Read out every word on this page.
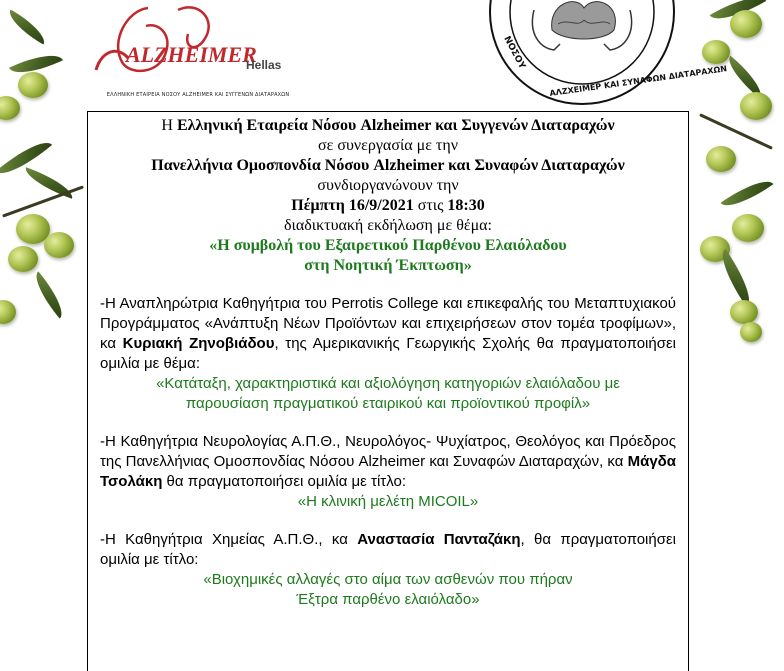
ALZHEIMER
Hellas
ΕΛΛΗΝΙΚΗ ΕΤΑΙΡΕΙΑ ΝΟΣΟΥ ALZHEIMER ΚΑΙ ΣΥΓΓΕΝΩΝ ΔΙΑΤΑΡΑΧΩΝ
ΝΟΣΟΥ
ΑΛΖΧΕΙΜΕΡ ΚΑΙ ΣΥΝΑΦΩΝ ΔΙΑΤΑΡΑΧΩΝ

Η Ελληνική Εταιρεία Νόσου Alzheimer και Συγγενών Διαταραχών

σε συνεργασία με την

Πανελλήνια Ομοσπονδία Νόσου Alzheimer και Συναφών Διαταραχών

συνδιοργανώνουν την

Πέμπτη 16/9/2021 στις 18:30

διαδικτυακή εκδήλωση με θέμα:

«Η συμβολή του Εξαιρετικού Παρθένου Ελαιόλαδου

στη Νοητική Έκπτωση»

-Η Αναπληρώτρια Καθηγήτρια του Perrotis College και επικεφαλής του Μεταπτυχιακού Προγράμματος «Ανάπτυξη Νέων Προϊόντων και επιχειρήσεων στον τομέα τροφίμων», κα Κυριακή Ζηνοβιάδου, της Αμερικανικής Γεωργικής Σχολής θα πραγματοποιήσει ομιλία με θέμα:

«Κατάταξη, χαρακτηριστικά και αξιολόγηση κατηγοριών ελαιόλαδου με

παρουσίαση πραγματικού εταιρικού και προϊοντικού προφίλ»

-Η Καθηγήτρια Νευρολογίας Α.Π.Θ., Νευρολόγος- Ψυχίατρος, Θεολόγος και Πρόεδρος της Πανελλήνιας Ομοσπονδίας Νόσου Alzheimer και Συναφών Διαταραχών, κα Μάγδα Τσολάκη θα πραγματοποιήσει ομιλία με τίτλο:

«Η κλινική μελέτη MICOIL»

-Η Καθηγήτρια Χημείας Α.Π.Θ., κα Αναστασία Πανταζάκη, θα πραγματοποιήσει ομιλία με τίτλο:

«Βιοχημικές αλλαγές στο αίμα των ασθενών που πήραν

Έξτρα παρθένο ελαιόλαδο»
